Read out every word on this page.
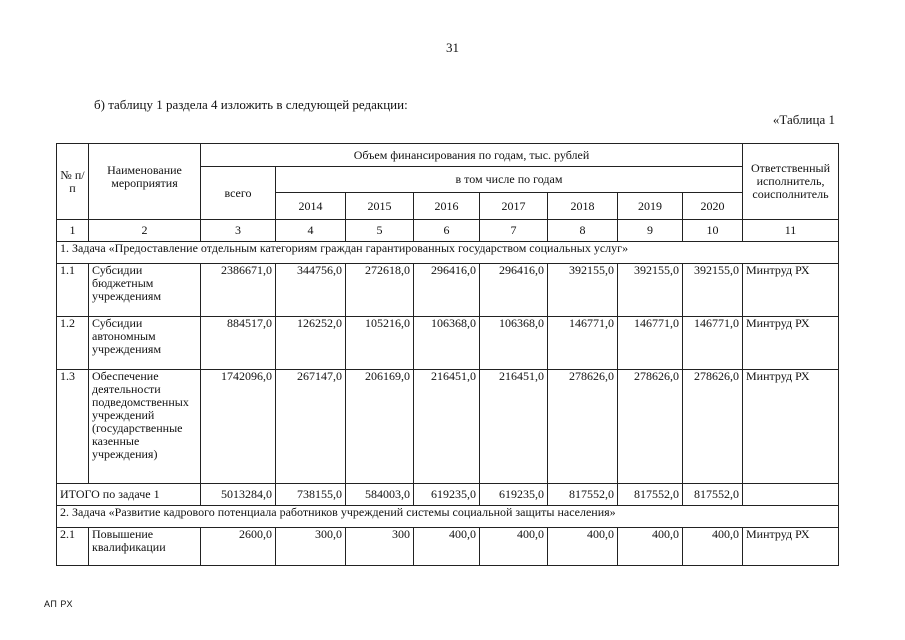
31
б) таблицу 1 раздела 4 изложить в следующей редакции:
«Таблица 1
№ п/п	Наименование мероприятия	Объем финансирования по годам, тыс. рублей								Ответственный исполнитель, соисполнитель
		всего	в том числе по годам							
			2014	2015	2016	2017	2018	2019	2020	
1	2	3	4	5	6	7	8	9	10	11
1. Задача «Предоставление отдельным категориям граждан гарантированных государством социальных услуг»										
1.1	Субсидии бюджетным учреждениям	2386671,0	344756,0	272618,0	296416,0	296416,0	392155,0	392155,0	392155,0	Минтруд РХ
1.2	Субсидии автономным учреждениям	884517,0	126252,0	105216,0	106368,0	106368,0	146771,0	146771,0	146771,0	Минтруд РХ
1.3	Обеспечение деятельности подведомственных учреждений (государственные казенные учреждения)	1742096,0	267147,0	206169,0	216451,0	216451,0	278626,0	278626,0	278626,0	Минтруд РХ
ИТОГО по задаче 1		5013284,0	738155,0	584003,0	619235,0	619235,0	817552,0	817552,0	817552,0	
2. Задача «Развитие кадрового потенциала работников учреждений системы социальной защиты населения»										
2.1	Повышение квалификации	2600,0	300,0	300	400,0	400,0	400,0	400,0	400,0	Минтруд РХ
АП РХ
